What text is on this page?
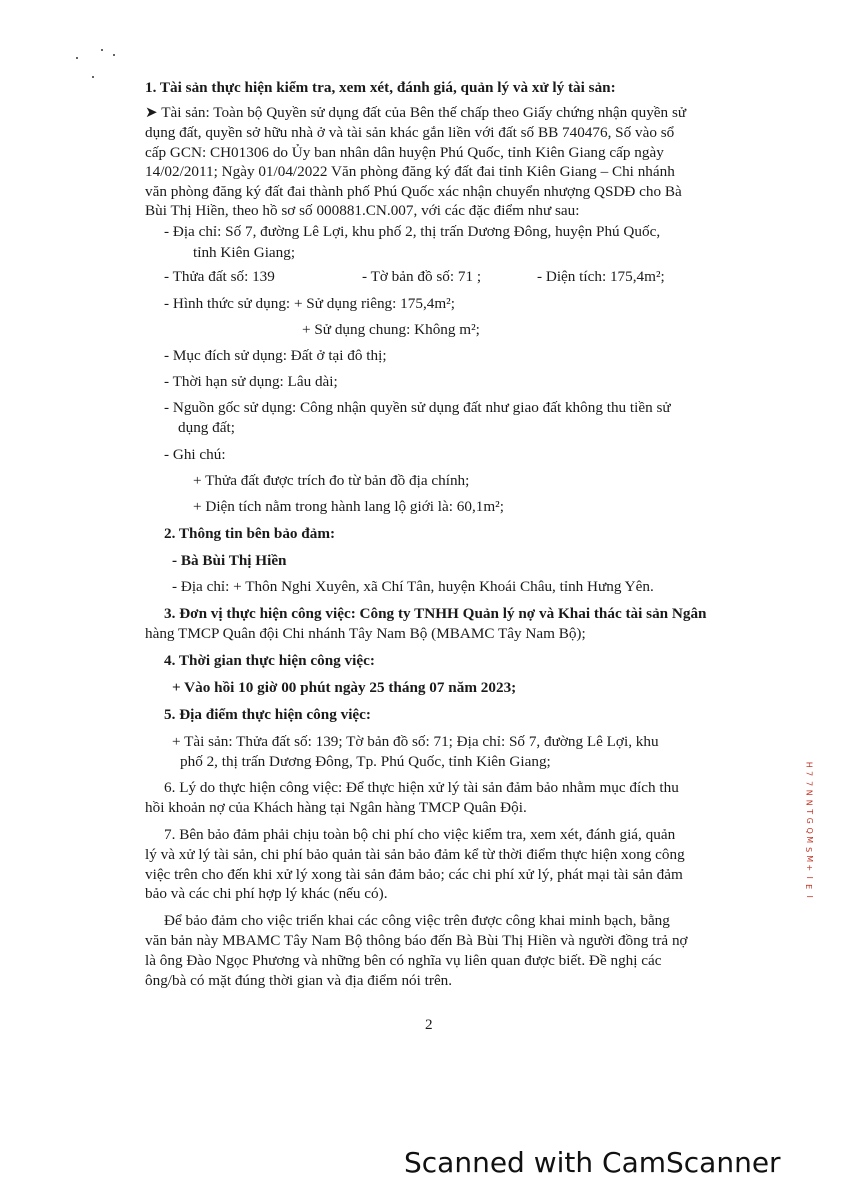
1. Tài sản thực hiện kiểm tra, xem xét, đánh giá, quản lý và xử lý tài sản:
➤ Tài sản: Toàn bộ Quyền sử dụng đất của Bên thế chấp theo Giấy chứng nhận quyền sử
dụng đất, quyền sở hữu nhà ở và tài sản khác gắn liền với đất số BB 740476, Số vào sổ
cấp GCN: CH01306 do Ủy ban nhân dân huyện Phú Quốc, tỉnh Kiên Giang cấp ngày
14/02/2011; Ngày 01/04/2022 Văn phòng đăng ký đất đai tỉnh Kiên Giang – Chi nhánh
văn phòng đăng ký đất đai thành phố Phú Quốc xác nhận chuyển nhượng QSDĐ cho Bà
Bùi Thị Hiền, theo hồ sơ số 000881.CN.007, với các đặc điểm như sau:
- Địa chỉ: Số 7, đường Lê Lợi, khu phố 2, thị trấn Dương Đông, huyện Phú Quốc,
tỉnh Kiên Giang;
- Thửa đất số: 139	- Tờ bản đồ số: 71 ;	- Diện tích: 175,4m²;
- Hình thức sử dụng: + Sử dụng riêng: 175,4m²;
+ Sử dụng chung: Không m²;
- Mục đích sử dụng: Đất ở tại đô thị;
- Thời hạn sử dụng: Lâu dài;
- Nguồn gốc sử dụng: Công nhận quyền sử dụng đất như giao đất không thu tiền sử
dụng đất;
- Ghi chú:
+ Thửa đất được trích đo từ bản đồ địa chính;
+ Diện tích nằm trong hành lang lộ giới là: 60,1m²;
2. Thông tin bên bảo đảm:
- Bà Bùi Thị Hiền
- Địa chỉ: + Thôn Nghi Xuyên, xã Chí Tân, huyện Khoái Châu, tỉnh Hưng Yên.
3. Đơn vị thực hiện công việc: Công ty TNHH Quản lý nợ và Khai thác tài sản Ngân
hàng TMCP Quân đội Chi nhánh Tây Nam Bộ (MBAMC Tây Nam Bộ);
4. Thời gian thực hiện công việc:
+ Vào hồi 10 giờ 00 phút ngày 25 tháng 07 năm 2023;
5. Địa điểm thực hiện công việc:
+ Tài sản: Thửa đất số: 139; Tờ bản đồ số: 71; Địa chỉ: Số 7, đường Lê Lợi, khu
phố 2, thị trấn Dương Đông, Tp. Phú Quốc, tỉnh Kiên Giang;
6. Lý do thực hiện công việc: Để thực hiện xử lý tài sản đảm bảo nhằm mục đích thu
hồi khoản nợ của Khách hàng tại Ngân hàng TMCP Quân Đội.
7. Bên bảo đảm phải chịu toàn bộ chi phí cho việc kiểm tra, xem xét, đánh giá, quản
lý và xử lý tài sản, chi phí bảo quản tài sản bảo đảm kể từ thời điểm thực hiện xong công
việc trên cho đến khi xử lý xong tài sản đảm bảo; các chi phí xử lý, phát mại tài sản đảm
bảo và các chi phí hợp lý khác (nếu có).
Để bảo đảm cho việc triển khai các công việc trên được công khai minh bạch, bằng
văn bản này MBAMC Tây Nam Bộ thông báo đến Bà Bùi Thị Hiền và người đồng trả nợ
là ông Đào Ngọc Phương và những bên có nghĩa vụ liên quan được biết. Đề nghị các
ông/bà có mặt đúng thời gian và địa điểm nói trên.
2
H
7
7
N
N
T
G
Q
M
S
M
+
I
E
I
Scanned with CamScanner
